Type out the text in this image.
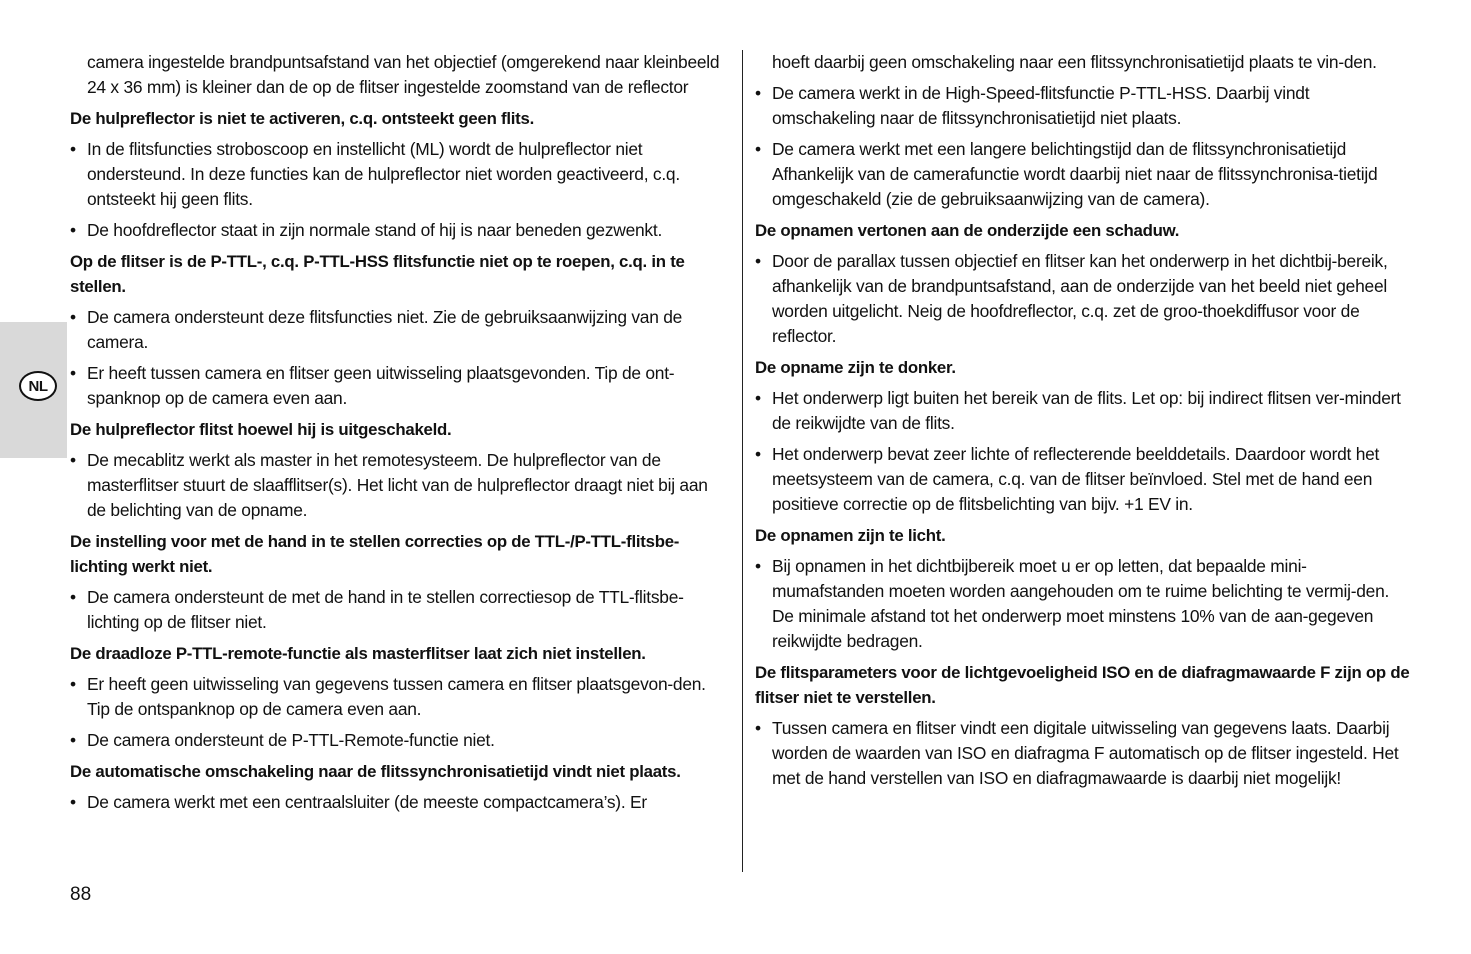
NL

camera ingestelde brandpuntsafstand van het objectief (omgerekend naar kleinbeeld 24 x 36 mm) is kleiner dan de op de flitser ingestelde zoomstand van de reflector

De hulpreflector is niet te activeren, c.q. ontsteekt geen flits.

• In de flitsfuncties stroboscoop en instellicht (ML) wordt de hulpreflector niet ondersteund. In deze functies kan de hulpreflector niet worden geactiveerd, c.q. ontsteekt hij geen flits.
• De hoofdreflector staat in zijn normale stand of hij is naar beneden gezwenkt.

Op de flitser is de P-TTL-, c.q. P-TTL-HSS flitsfunctie niet op te roepen, c.q. in te stellen.

• De camera ondersteunt deze flitsfuncties niet. Zie de gebruiksaanwijzing van de camera.
• Er heeft tussen camera en flitser geen uitwisseling plaatsgevonden. Tip de ont-spanknop op de camera even aan.

De hulpreflector flitst hoewel hij is uitgeschakeld.

• De mecablitz werkt als master in het remotesysteem. De hulpreflector van de masterflitser stuurt de slaafflitser(s). Het licht van de hulpreflector draagt niet bij aan de belichting van de opname.

De instelling voor met de hand in te stellen correcties op de TTL-/P-TTL-flitsbe-lichting werkt niet.

• De camera ondersteunt de met de hand in te stellen correctiesop de TTL-flitsbe-lichting op de flitser niet.

De draadloze P-TTL-remote-functie als masterflitser laat zich niet instellen.

• Er heeft geen uitwisseling van gegevens tussen camera en flitser plaatsgevon-den. Tip de ontspanknop op de camera even aan.
• De camera ondersteunt de P-TTL-Remote-functie niet.

De automatische omschakeling naar de flitssynchronisatietijd vindt niet plaats.

• De camera werkt met een centraalsluiter (de meeste compactcamera’s). Er

hoeft daarbij geen omschakeling naar een flitssynchronisatietijd plaats te vin-den.

• De camera werkt in de High-Speed-flitsfunctie P-TTL-HSS. Daarbij vindt omschakeling naar de flitssynchronisatietijd niet plaats.
• De camera werkt met een langere belichtingstijd dan de flitssynchronisatietijd Afhankelijk van de camerafunctie wordt daarbij niet naar de flitssynchronisa-tietijd omgeschakeld (zie de gebruiksaanwijzing van de camera).

De opnamen vertonen aan de onderzijde een schaduw.

• Door de parallax tussen objectief en flitser kan het onderwerp in het dichtbij-bereik, afhankelijk van de brandpuntsafstand, aan de onderzijde van het beeld niet geheel worden uitgelicht. Neig de hoofdreflector, c.q. zet de groo-thoekdiffusor voor de reflector.

De opname zijn te donker.

• Het onderwerp ligt buiten het bereik van de flits. Let op: bij indirect flitsen ver-mindert de reikwijdte van de flits.
• Het onderwerp bevat zeer lichte of reflecterende beelddetails. Daardoor wordt het meetsysteem van de camera, c.q. van de flitser beïnvloed. Stel met de hand een positieve correctie op de flitsbelichting van bijv. +1 EV in.

De opnamen zijn te licht.

• Bij opnamen in het dichtbijbereik moet u er op letten, dat bepaalde mini-mumafstanden moeten worden aangehouden om te ruime belichting te vermij-den. De minimale afstand tot het onderwerp moet minstens 10% van de aan-gegeven reikwijdte bedragen.

De flitsparameters voor de lichtgevoeligheid ISO en de diafragmawaarde F zijn op de flitser niet te verstellen.

• Tussen camera en flitser vindt een digitale uitwisseling van gegevens laats. Daarbij worden de waarden van ISO en diafragma F automatisch op de flitser ingesteld. Het met de hand verstellen van ISO en diafragmawaarde is daarbij niet mogelijk!
88
